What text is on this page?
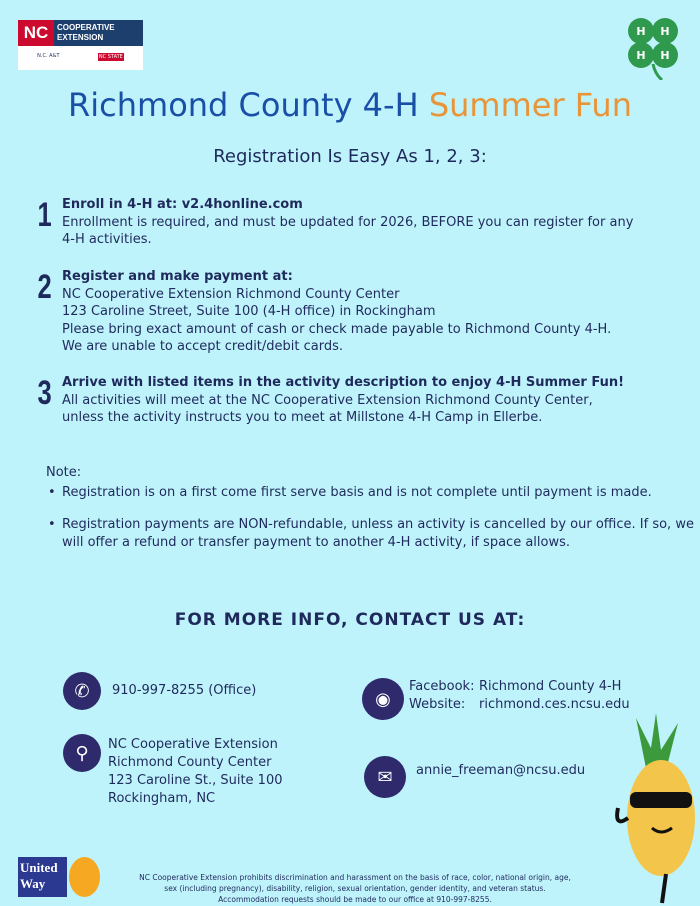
NC	COOPERATIVE EXTENSION
N.C. A&T	NC STATE
H H
H H
Richmond County 4-H Summer Fun
Registration Is Easy As 1, 2, 3:
1 Enroll in 4-H at: v2.4honline.com
Enrollment is required, and must be updated for 2026, BEFORE you can register for any
4-H activities.
2 Register and make payment at:
NC Cooperative Extension Richmond County Center
123 Caroline Street, Suite 100 (4-H office) in Rockingham
Please bring exact amount of cash or check made payable to Richmond County 4-H.
We are unable to accept credit/debit cards.
3 Arrive with listed items in the activity description to enjoy 4-H Summer Fun!
All activities will meet at the NC Cooperative Extension Richmond County Center,
unless the activity instructs you to meet at Millstone 4-H Camp in Ellerbe.
Note:
• Registration is on a first come first serve basis and is not complete until payment is made.
• Registration payments are NON-refundable, unless an activity is cancelled by our office. If so, we will offer a refund or transfer payment to another 4-H activity, if space allows.
FOR MORE INFO, CONTACT US AT:
✆	910-997-8255 (Office)
⚲	NC Cooperative Extension
Richmond County Center
123 Caroline St., Suite 100
Rockingham, NC
◉
Facebook: Richmond County 4-H
Website: richmond.ces.ncsu.edu
✉	annie_freeman@ncsu.edu
United Way	NC Cooperative Extension prohibits discrimination and harassment on the basis of race, color, national origin, age,
sex (including pregnancy), disability, religion, sexual orientation, gender identity, and veteran status.
Accommodation requests should be made to our office at 910-997-8255.
